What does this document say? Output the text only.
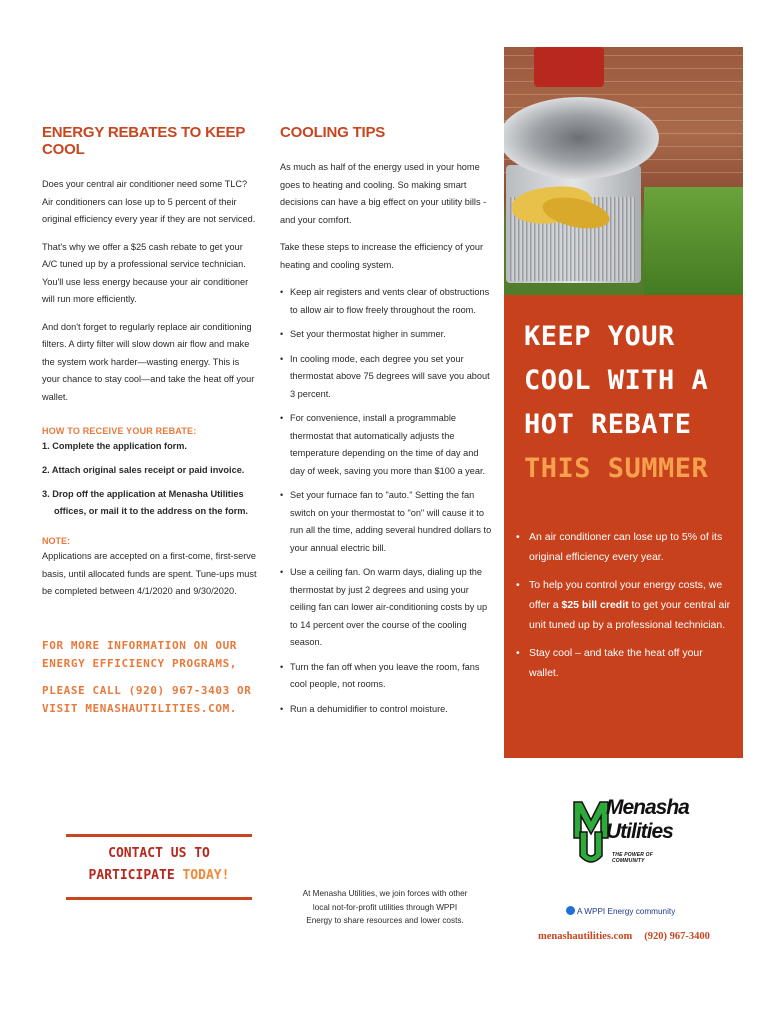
ENERGY REBATES TO KEEP COOL

Does your central air conditioner need some TLC? Air conditioners can lose up to 5 percent of their original efficiency every year if they are not serviced.

That's why we offer a $25 cash rebate to get your A/C tuned up by a professional service technician. You'll use less energy because your air conditioner will run more efficiently.

And don't forget to regularly replace air conditioning filters. A dirty filter will slow down air flow and make the system work harder—wasting energy. This is your chance to stay cool—and take the heat off your wallet.

HOW TO RECEIVE YOUR REBATE:
1. Complete the application form.
2. Attach original sales receipt or paid invoice.
3. Drop off the application at Menasha Utilities offices, or mail it to the address on the form.
NOTE:

Applications are accepted on a first-come, first-serve basis, until allocated funds are spent. Tune-ups must be completed between 4/1/2020 and 9/30/2020.

FOR MORE INFORMATION ON OUR ENERGY EFFICIENCY PROGRAMS,

PLEASE CALL (920) 967-3403 OR VISIT MENASHAUTILITIES.COM.

COOLING TIPS

As much as half of the energy used in your home goes to heating and cooling. So making smart decisions can have a big effect on your utility bills - and your comfort.

Take these steps to increase the efficiency of your heating and cooling system.

• Keep air registers and vents clear of obstructions to allow air to flow freely throughout the room.
• Set your thermostat higher in summer.
• In cooling mode, each degree you set your thermostat above 75 degrees will save you about 3 percent.
• For convenience, install a programmable thermostat that automatically adjusts the temperature depending on the time of day and day of week, saving you more than $100 a year.
• Set your furnace fan to "auto." Setting the fan switch on your thermostat to "on" will cause it to run all the time, adding several hundred dollars to your annual electric bill.
• Use a ceiling fan. On warm days, dialing up the thermostat by just 2 degrees and using your ceiling fan can lower air-conditioning costs by up to 14 percent over the course of the cooling season.
• Turn the fan off when you leave the room, fans cool people, not rooms.
• Run a dehumidifier to control moisture.
KEEP YOUR
COOL WITH A
HOT REBATE
THIS SUMMER
• An air conditioner can lose up to 5% of its original efficiency every year.
• To help you control your energy costs, we offer a $25 bill credit to get your central air unit tuned up by a professional technician.
• Stay cool – and take the heat off your wallet.
CONTACT US TO
PARTICIPATE TODAY!
At Menasha Utilities, we join forces with other local not-for-profit utilities through WPPI Energy to share resources and lower costs.
Menasha
Utilities
THE POWER OF COMMUNITY
A WPPI Energy community
menashautilities.com (920) 967-3400
